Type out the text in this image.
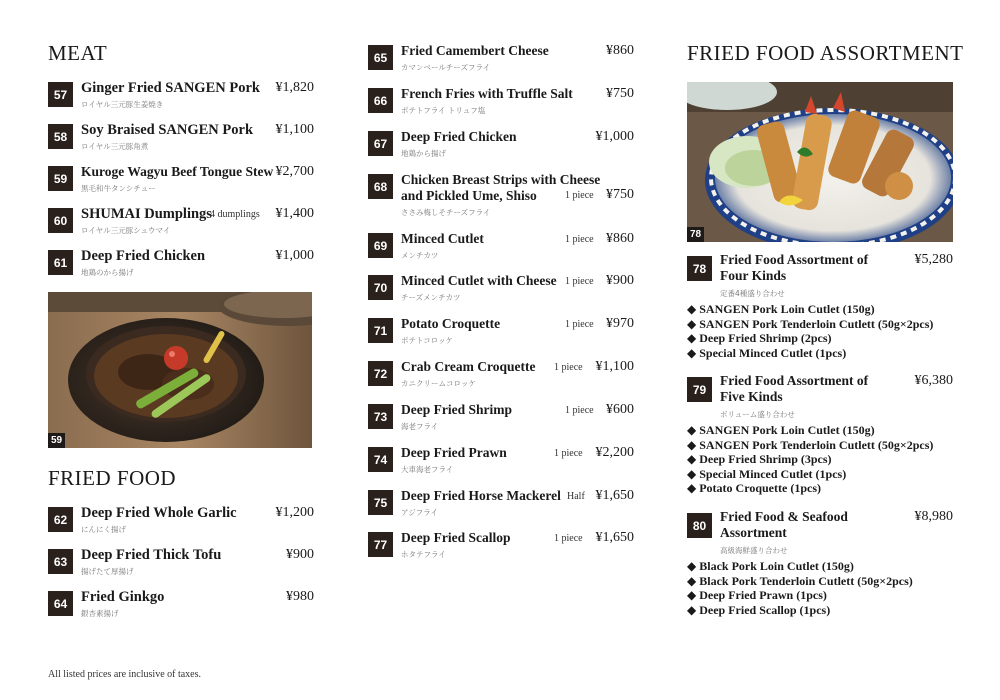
MEAT
57 Ginger Fried SANGEN Pork
ロイヤル三元豚生姜焼き
¥1,820
58 Soy Braised SANGEN Pork
ロイヤル三元豚角煮
¥1,100
59	Kuroge Wagyu Beef Tongue Stew
黒毛和牛タンシチュー
¥2,700
60 SHUMAI Dumplings
4 dumplings
ロイヤル三元豚シュウマイ
¥1,400
61 Deep Fried Chicken
地鶏のから揚げ
¥1,000
59
FRIED FOOD
62 Deep Fried Whole Garlic
にんにく揚げ
¥1,200
63 Deep Fried Thick Tofu
揚げたて厚揚げ
¥900
64 Fried Ginkgo
銀杏素揚げ
¥980
All listed prices are inclusive of taxes.
65	Fried Camembert Cheese
カマンベールチーズフライ
¥860
66	French Fries with Truffle Salt
ポテトフライ トリュフ塩
¥750
67	Deep Fried Chicken
地鶏から揚げ
¥1,000
68	Chicken Breast Strips with Cheese and Pickled Ume, Shiso	1 piece
ささみ梅しそチーズフライ
¥750
69	Minced Cutlet	1 piece
メンチカツ
¥860
70	Minced Cutlet with Cheese 1 piece
チーズメンチカツ
¥900
71	Potato Croquette	1 piece
ポテトコロッケ
¥970
72	Crab Cream Croquette 1 piece
カニクリームコロッケ
¥1,100
73	Deep Fried Shrimp	1 piece
海老フライ
¥600
74	Deep Fried Prawn	1 piece
大車海老フライ
¥2,200
75	Deep Fried Horse Mackerel Half
アジフライ
¥1,650
77	Deep Fried Scallop	1 piece
ホタテフライ
¥1,650
FRIED FOOD ASSORTMENT
78
78
Fried Food Assortment of Four Kinds
定番4種盛り合わせ
¥5,280
◆ SANGEN Pork Loin Cutlet (150g)
◆ SANGEN Pork Tenderloin Cutlett (50g×2pcs)
◆ Deep Fried Shrimp (2pcs)
◆ Special Minced Cutlet (1pcs)
79
Fried Food Assortment of Five Kinds
ボリューム盛り合わせ
¥6,380
◆ SANGEN Pork Loin Cutlet (150g)
◆ SANGEN Pork Tenderloin Cutlett (50g×2pcs)
◆ Deep Fried Shrimp (3pcs)
◆ Special Minced Cutlet (1pcs)
◆ Potato Croquette (1pcs)
80
Fried Food & Seafood Assortment
高級海鮮盛り合わせ
¥8,980
◆ Black Pork Loin Cutlet (150g)
◆ Black Pork Tenderloin Cutlett (50g×2pcs)
◆ Deep Fried Prawn (1pcs)
◆ Deep Fried Scallop (1pcs)
